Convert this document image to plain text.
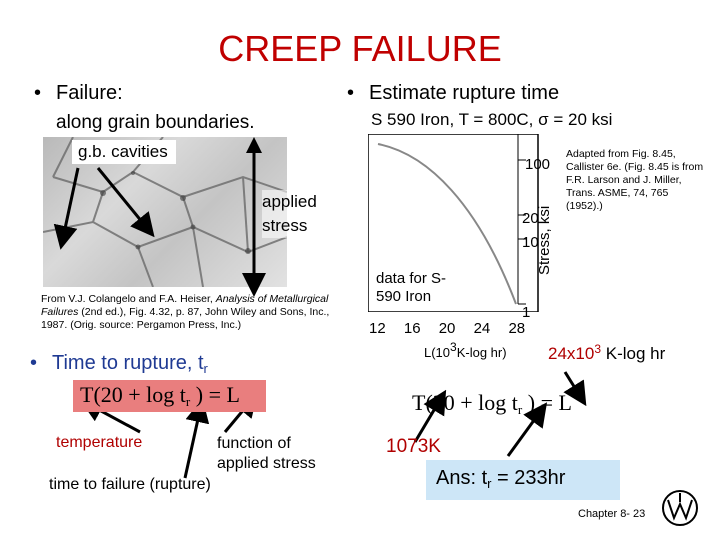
CREEP FAILURE
• Failure:
along grain boundaries.
g.b. cavities
applied stress
From V.J. Colangelo and F.A. Heiser, Analysis of Metallurgical Failures (2nd ed.), Fig. 4.32, p. 87, John Wiley and Sons, Inc., 1987. (Orig. source: Pergamon Press, Inc.)
• Time to rupture, $t_r$
$T(20 + \log t_r$ ) = L
temperature	function of applied stress
time to failure (rupture)
• Estimate rupture time
S 590 Iron, T = 800C, σ = 20 ksi
Adapted from Fig. 8.45, Callister 6e. (Fig. 8.45 is from F.R. Larson and J. Miller, Trans. ASME, 74, 765 (1952).)
100
20
10
1
Stress, ksi
data for S-590 Iron
12 16 20 24 28
$L(10^3K-\log$ hr) $24x10^3$ K-log hr
$T(20 + \log t_r$ ) = L
1073K
Ans: $t_r = 233hr$
Chapter 8- 23
